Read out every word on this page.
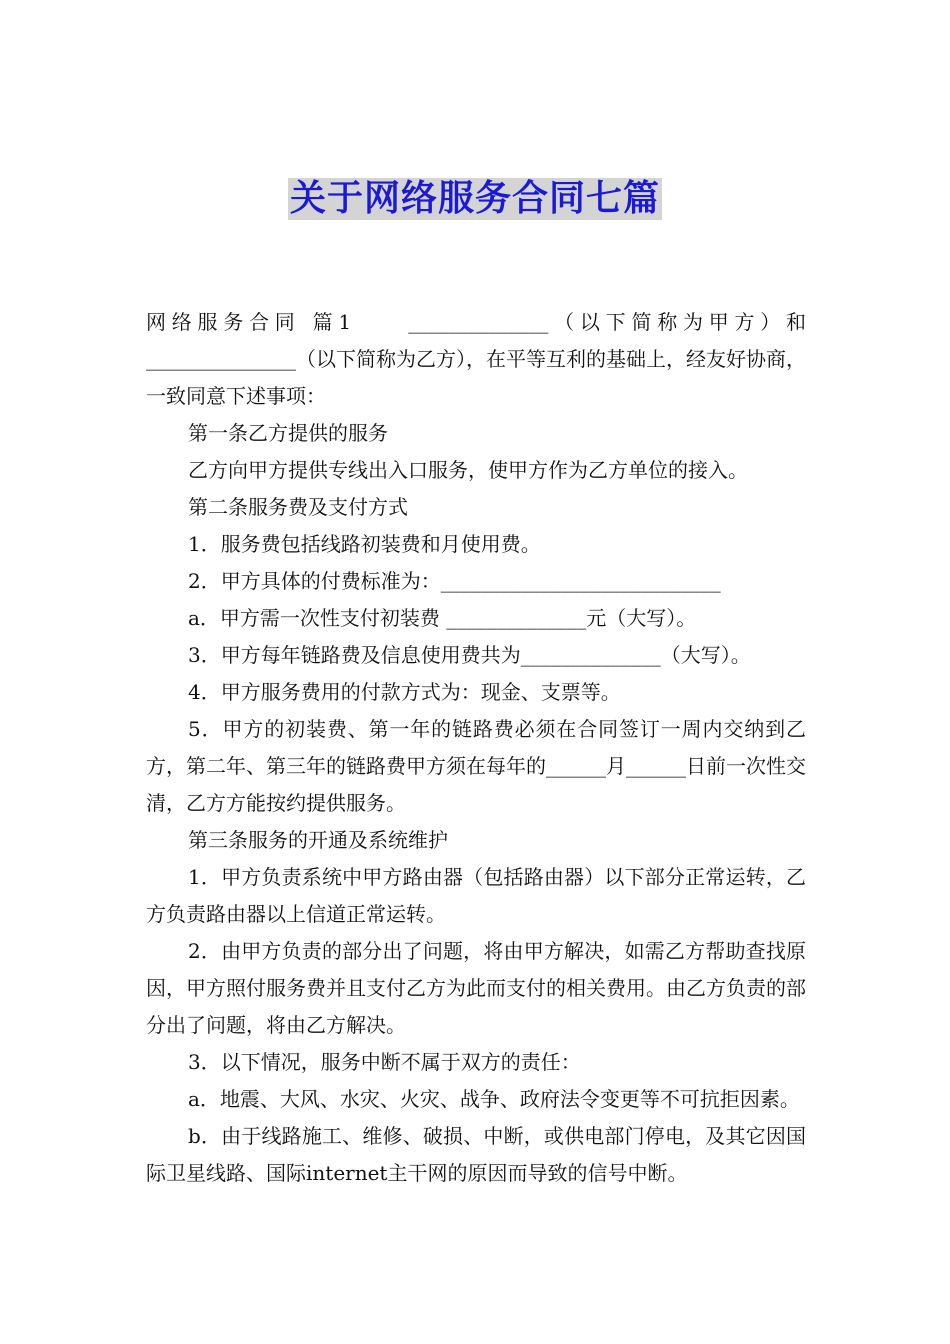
关于网络服务合同七篇

网络服务合同 篇1　　______________（以下简称为甲方）和_______________（以下简称为乙方），在平等互利的基础上，经友好协商，一致同意下述事项：

第一条乙方提供的服务

乙方向甲方提供专线出入口服务，使甲方作为乙方单位的接入。

第二条服务费及支付方式

1．服务费包括线路初装费和月使用费。

2．甲方具体的付费标准为：____________________________

a．甲方需一次性支付初装费 ______________元（大写）。

3．甲方每年链路费及信息使用费共为______________（大写）。

4．甲方服务费用的付款方式为：现金、支票等。

5．甲方的初装费、第一年的链路费必须在合同签订一周内交纳到乙方，第二年、第三年的链路费甲方须在每年的______月______日前一次性交清，乙方方能按约提供服务。

第三条服务的开通及系统维护

1．甲方负责系统中甲方路由器（包括路由器）以下部分正常运转，乙方负责路由器以上信道正常运转。

2．由甲方负责的部分出了问题，将由甲方解决，如需乙方帮助查找原因，甲方照付服务费并且支付乙方为此而支付的相关费用。由乙方负责的部分出了问题，将由乙方解决。

3．以下情况，服务中断不属于双方的责任：

a．地震、大风、水灾、火灾、战争、政府法令变更等不可抗拒因素。

b．由于线路施工、维修、破损、中断，或供电部门停电，及其它因国际卫星线路、国际internet主干网的原因而导致的信号中断。
